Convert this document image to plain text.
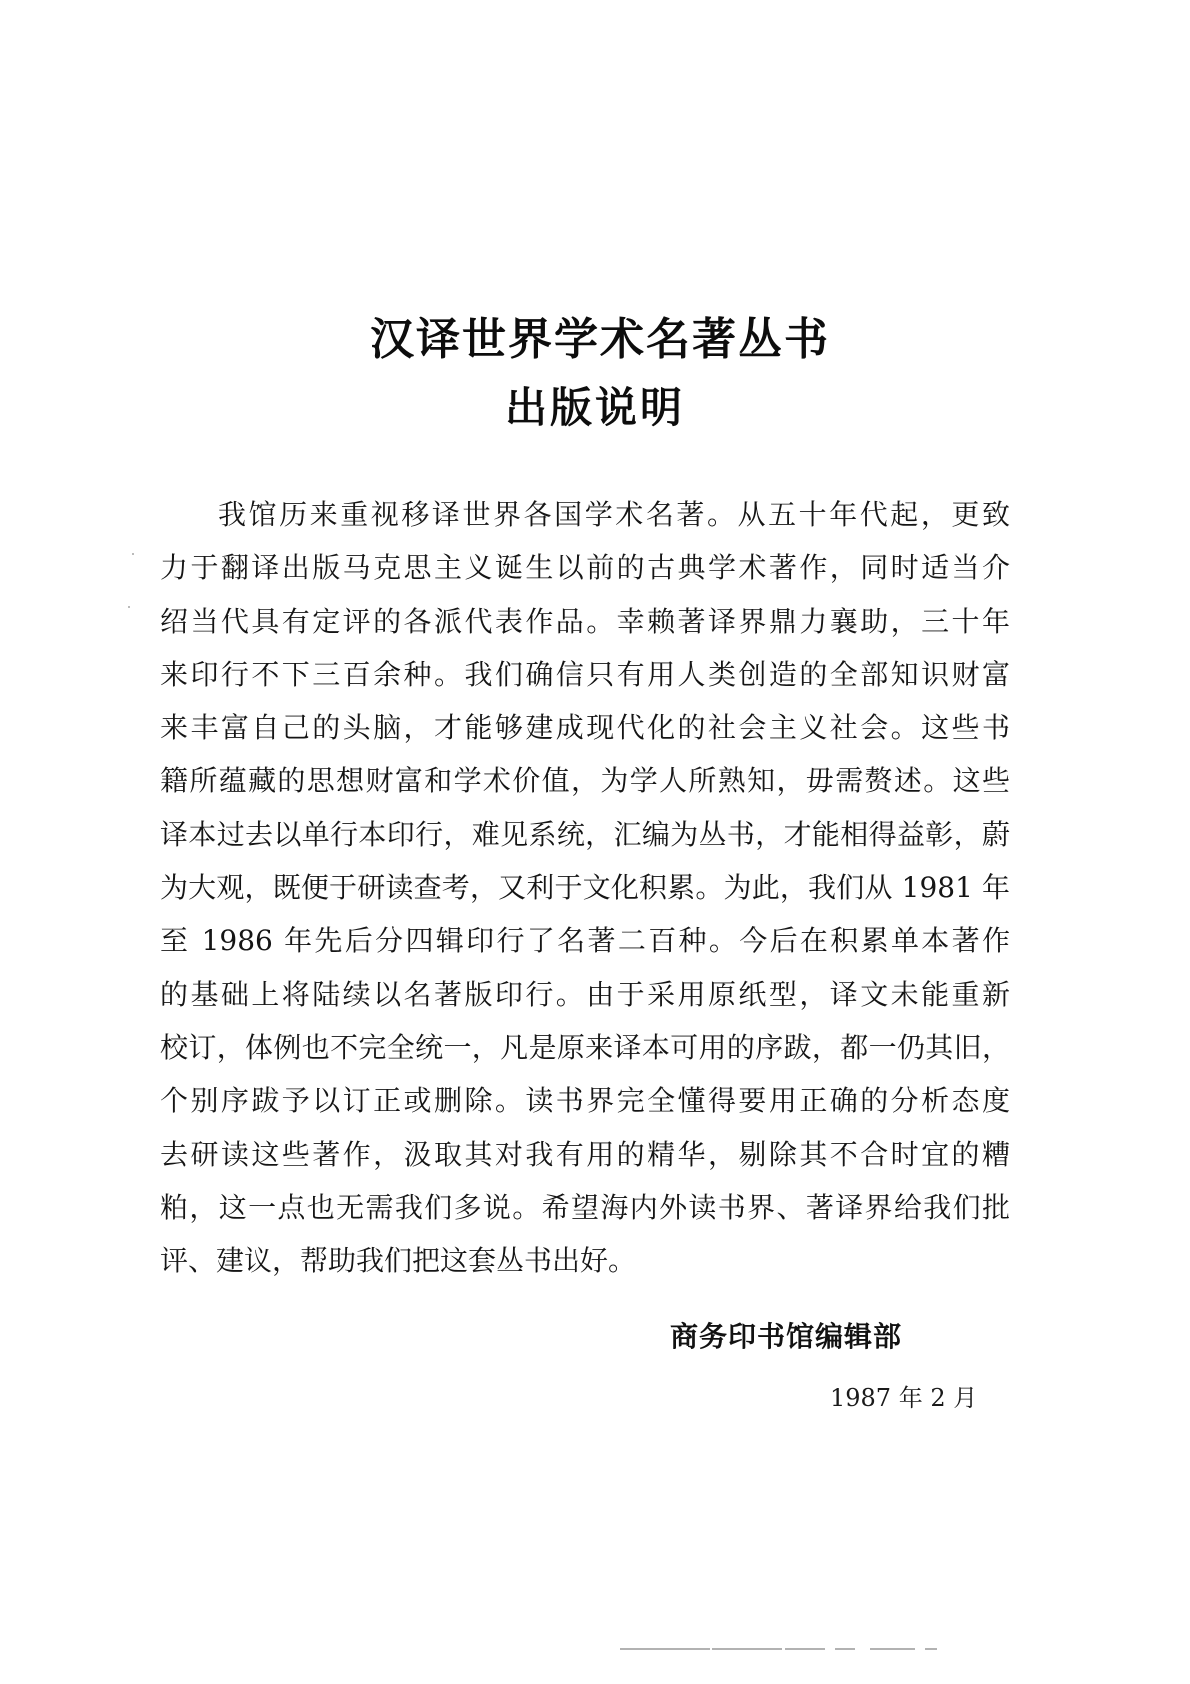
汉译世界学术名著丛书
出版说明
我馆历来重视移译世界各国学术名著。从五十年代起，更致
力于翻译出版马克思主义诞生以前的古典学术著作，同时适当介
绍当代具有定评的各派代表作品。幸赖著译界鼎力襄助，三十年
来印行不下三百余种。我们确信只有用人类创造的全部知识财富
来丰富自己的头脑，才能够建成现代化的社会主义社会。这些书
籍所蕴藏的思想财富和学术价值，为学人所熟知，毋需赘述。这些
译本过去以单行本印行，难见系统，汇编为丛书，才能相得益彰，蔚
为大观，既便于研读查考，又利于文化积累。为此，我们从 1981 年
至 1986 年先后分四辑印行了名著二百种。今后在积累单本著作
的基础上将陆续以名著版印行。由于采用原纸型，译文未能重新
校订，体例也不完全统一，凡是原来译本可用的序跋，都一仍其旧，
个别序跋予以订正或删除。读书界完全懂得要用正确的分析态度
去研读这些著作，汲取其对我有用的精华，剔除其不合时宜的糟
粕，这一点也无需我们多说。希望海内外读书界、著译界给我们批
评、建议，帮助我们把这套丛书出好。
商务印书馆编辑部
1987 年 2 月
